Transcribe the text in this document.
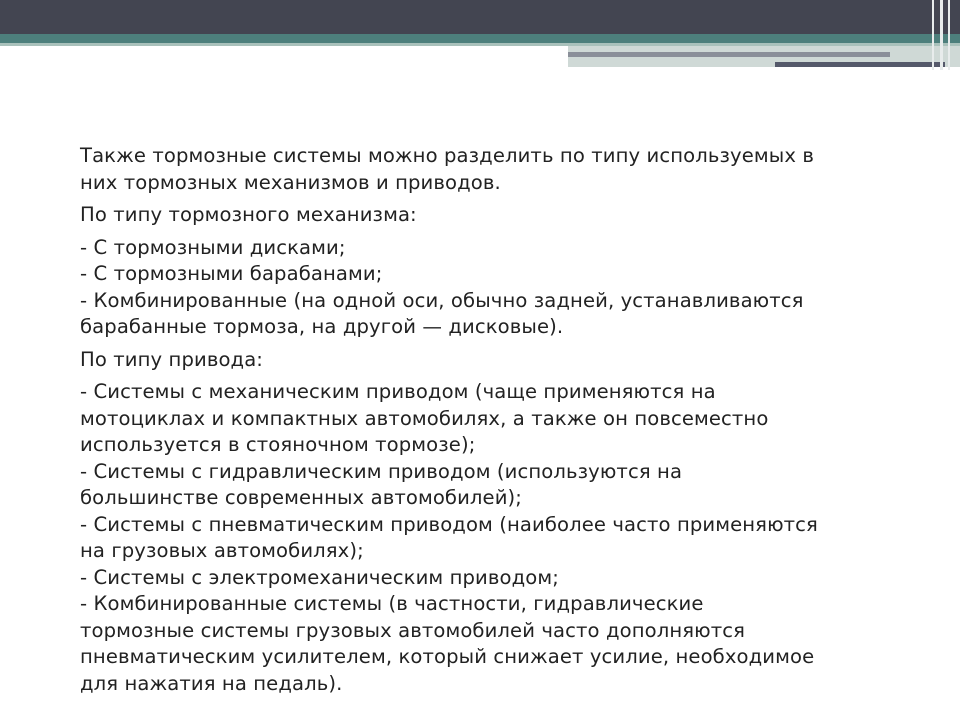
Также тормозные системы можно разделить по типу используемых в

них тормозных механизмов и приводов.

По типу тормозного механизма:

- С тормозными дисками;

- С тормозными барабанами;

- Комбинированные (на одной оси, обычно задней, устанавливаются

барабанные тормоза, на другой — дисковые).

По типу привода:

- Системы с механическим приводом (чаще применяются на

мотоциклах и компактных автомобилях, а также он повсеместно

используется в стояночном тормозе);

- Системы с гидравлическим приводом (используются на

большинстве современных автомобилей);

- Системы с пневматическим приводом (наиболее часто применяются

на грузовых автомобилях);

- Системы с электромеханическим приводом;

- Комбинированные системы (в частности, гидравлические

тормозные системы грузовых автомобилей часто дополняются

пневматическим усилителем, который снижает усилие, необходимое

для нажатия на педаль).
